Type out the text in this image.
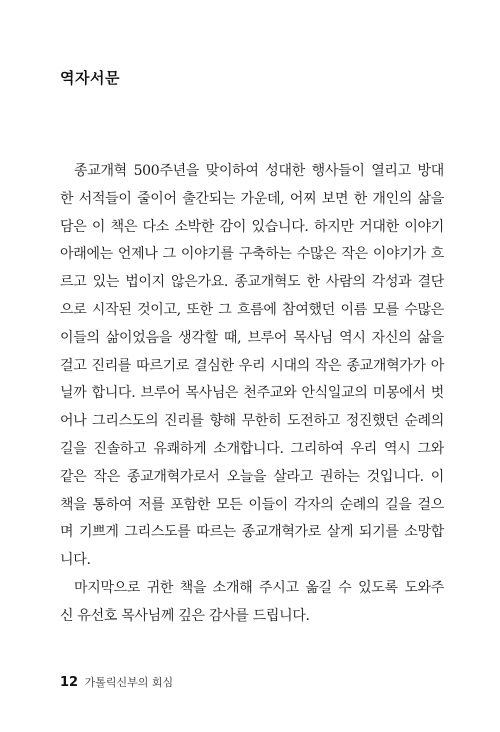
역자서문
종교개혁 500주년을 맞이하여 성대한 행사들이 열리고 방대
한 서적들이 줄이어 출간되는 가운데, 어찌 보면 한 개인의 삶을
담은 이 책은 다소 소박한 감이 있습니다. 하지만 거대한 이야기
아래에는 언제나 그 이야기를 구축하는 수많은 작은 이야기가 흐
르고 있는 법이지 않은가요. 종교개혁도 한 사람의 각성과 결단
으로 시작된 것이고, 또한 그 흐름에 참여했던 이름 모를 수많은
이들의 삶이었음을 생각할 때, 브루어 목사님 역시 자신의 삶을
걸고 진리를 따르기로 결심한 우리 시대의 작은 종교개혁가가 아
닐까 합니다. 브루어 목사님은 천주교와 안식일교의 미몽에서 벗
어나 그리스도의 진리를 향해 무한히 도전하고 정진했던 순례의
길을 진솔하고 유쾌하게 소개합니다. 그리하여 우리 역시 그와
같은 작은 종교개혁가로서 오늘을 살라고 권하는 것입니다. 이
책을 통하여 저를 포함한 모든 이들이 각자의 순례의 길을 걸으
며 기쁘게 그리스도를 따르는 종교개혁가로 살게 되기를 소망합
니다.
마지막으로 귀한 책을 소개해 주시고 옮길 수 있도록 도와주
신 유선호 목사님께 깊은 감사를 드립니다.
12 가톨릭신부의 회심
